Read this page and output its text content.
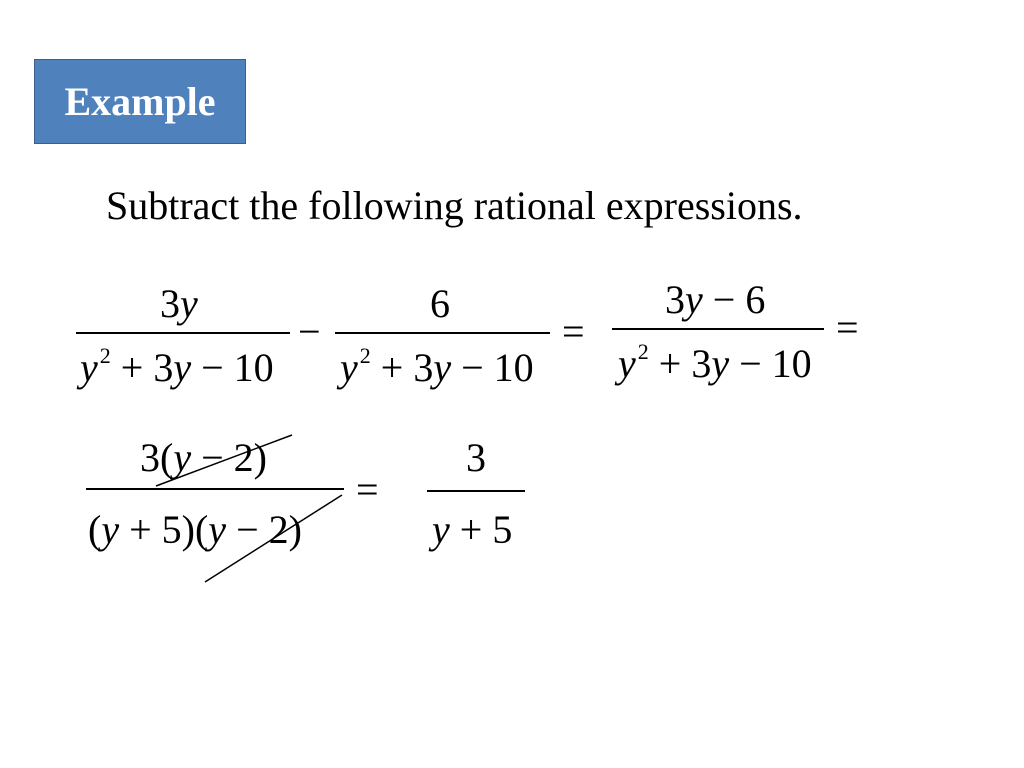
Example
Subtract the following rational expressions.
3y
$y^2 + 3y - 10$
−
6
$y^2 + 3y - 10$
=
3y − 6
$y^2 + 3y - 10$
=
3(y − 2)
(y + 5)(y − 2)
=
3
y + 5
